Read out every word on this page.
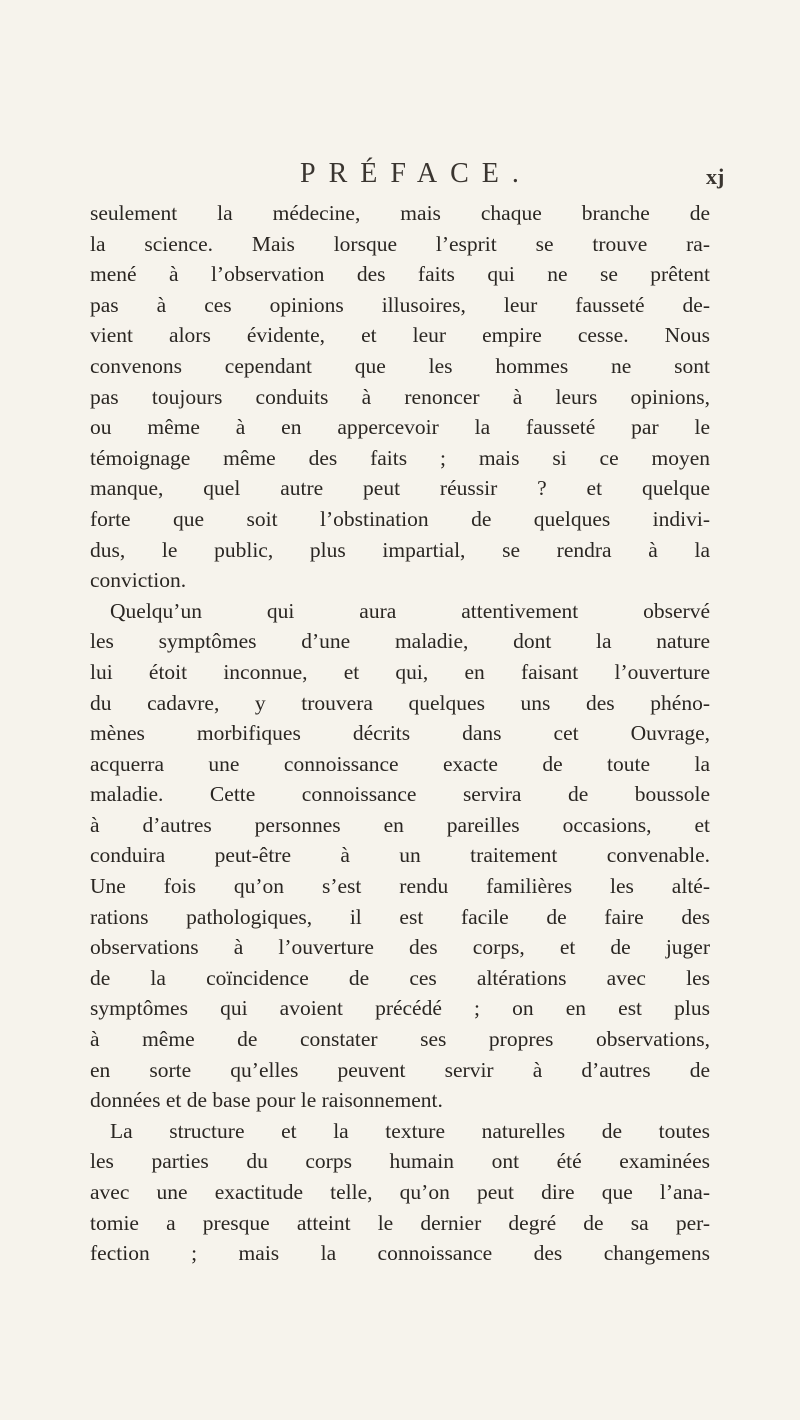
PRÉFACE.	xj
seulement la médecine, mais chaque branche de
la science. Mais lorsque l’esprit se trouve ra-
mené à l’observation des faits qui ne se prêtent
pas à ces opinions illusoires, leur fausseté de-
vient alors évidente, et leur empire cesse. Nous
convenons cependant que les hommes ne sont
pas toujours conduits à renoncer à leurs opinions,
ou même à en appercevoir la fausseté par le
témoignage même des faits ; mais si ce moyen
manque, quel autre peut réussir ? et quelque
forte que soit l’obstination de quelques indivi-
dus, le public, plus impartial, se rendra à la
conviction.
Quelqu’un qui aura attentivement observé
les symptômes d’une maladie, dont la nature
lui étoit inconnue, et qui, en faisant l’ouverture
du cadavre, y trouvera quelques uns des phéno-
mènes morbifiques décrits dans cet Ouvrage,
acquerra une connoissance exacte de toute la
maladie. Cette connoissance servira de boussole
à d’autres personnes en pareilles occasions, et
conduira peut-être à un traitement convenable.
Une fois qu’on s’est rendu familières les alté-
rations pathologiques, il est facile de faire des
observations à l’ouverture des corps, et de juger
de la coïncidence de ces altérations avec les
symptômes qui avoient précédé ; on en est plus
à même de constater ses propres observations,
en sorte qu’elles peuvent servir à d’autres de
données et de base pour le raisonnement.
La structure et la texture naturelles de toutes
les parties du corps humain ont été examinées
avec une exactitude telle, qu’on peut dire que l’ana-
tomie a presque atteint le dernier degré de sa per-
fection ; mais la connoissance des changemens
